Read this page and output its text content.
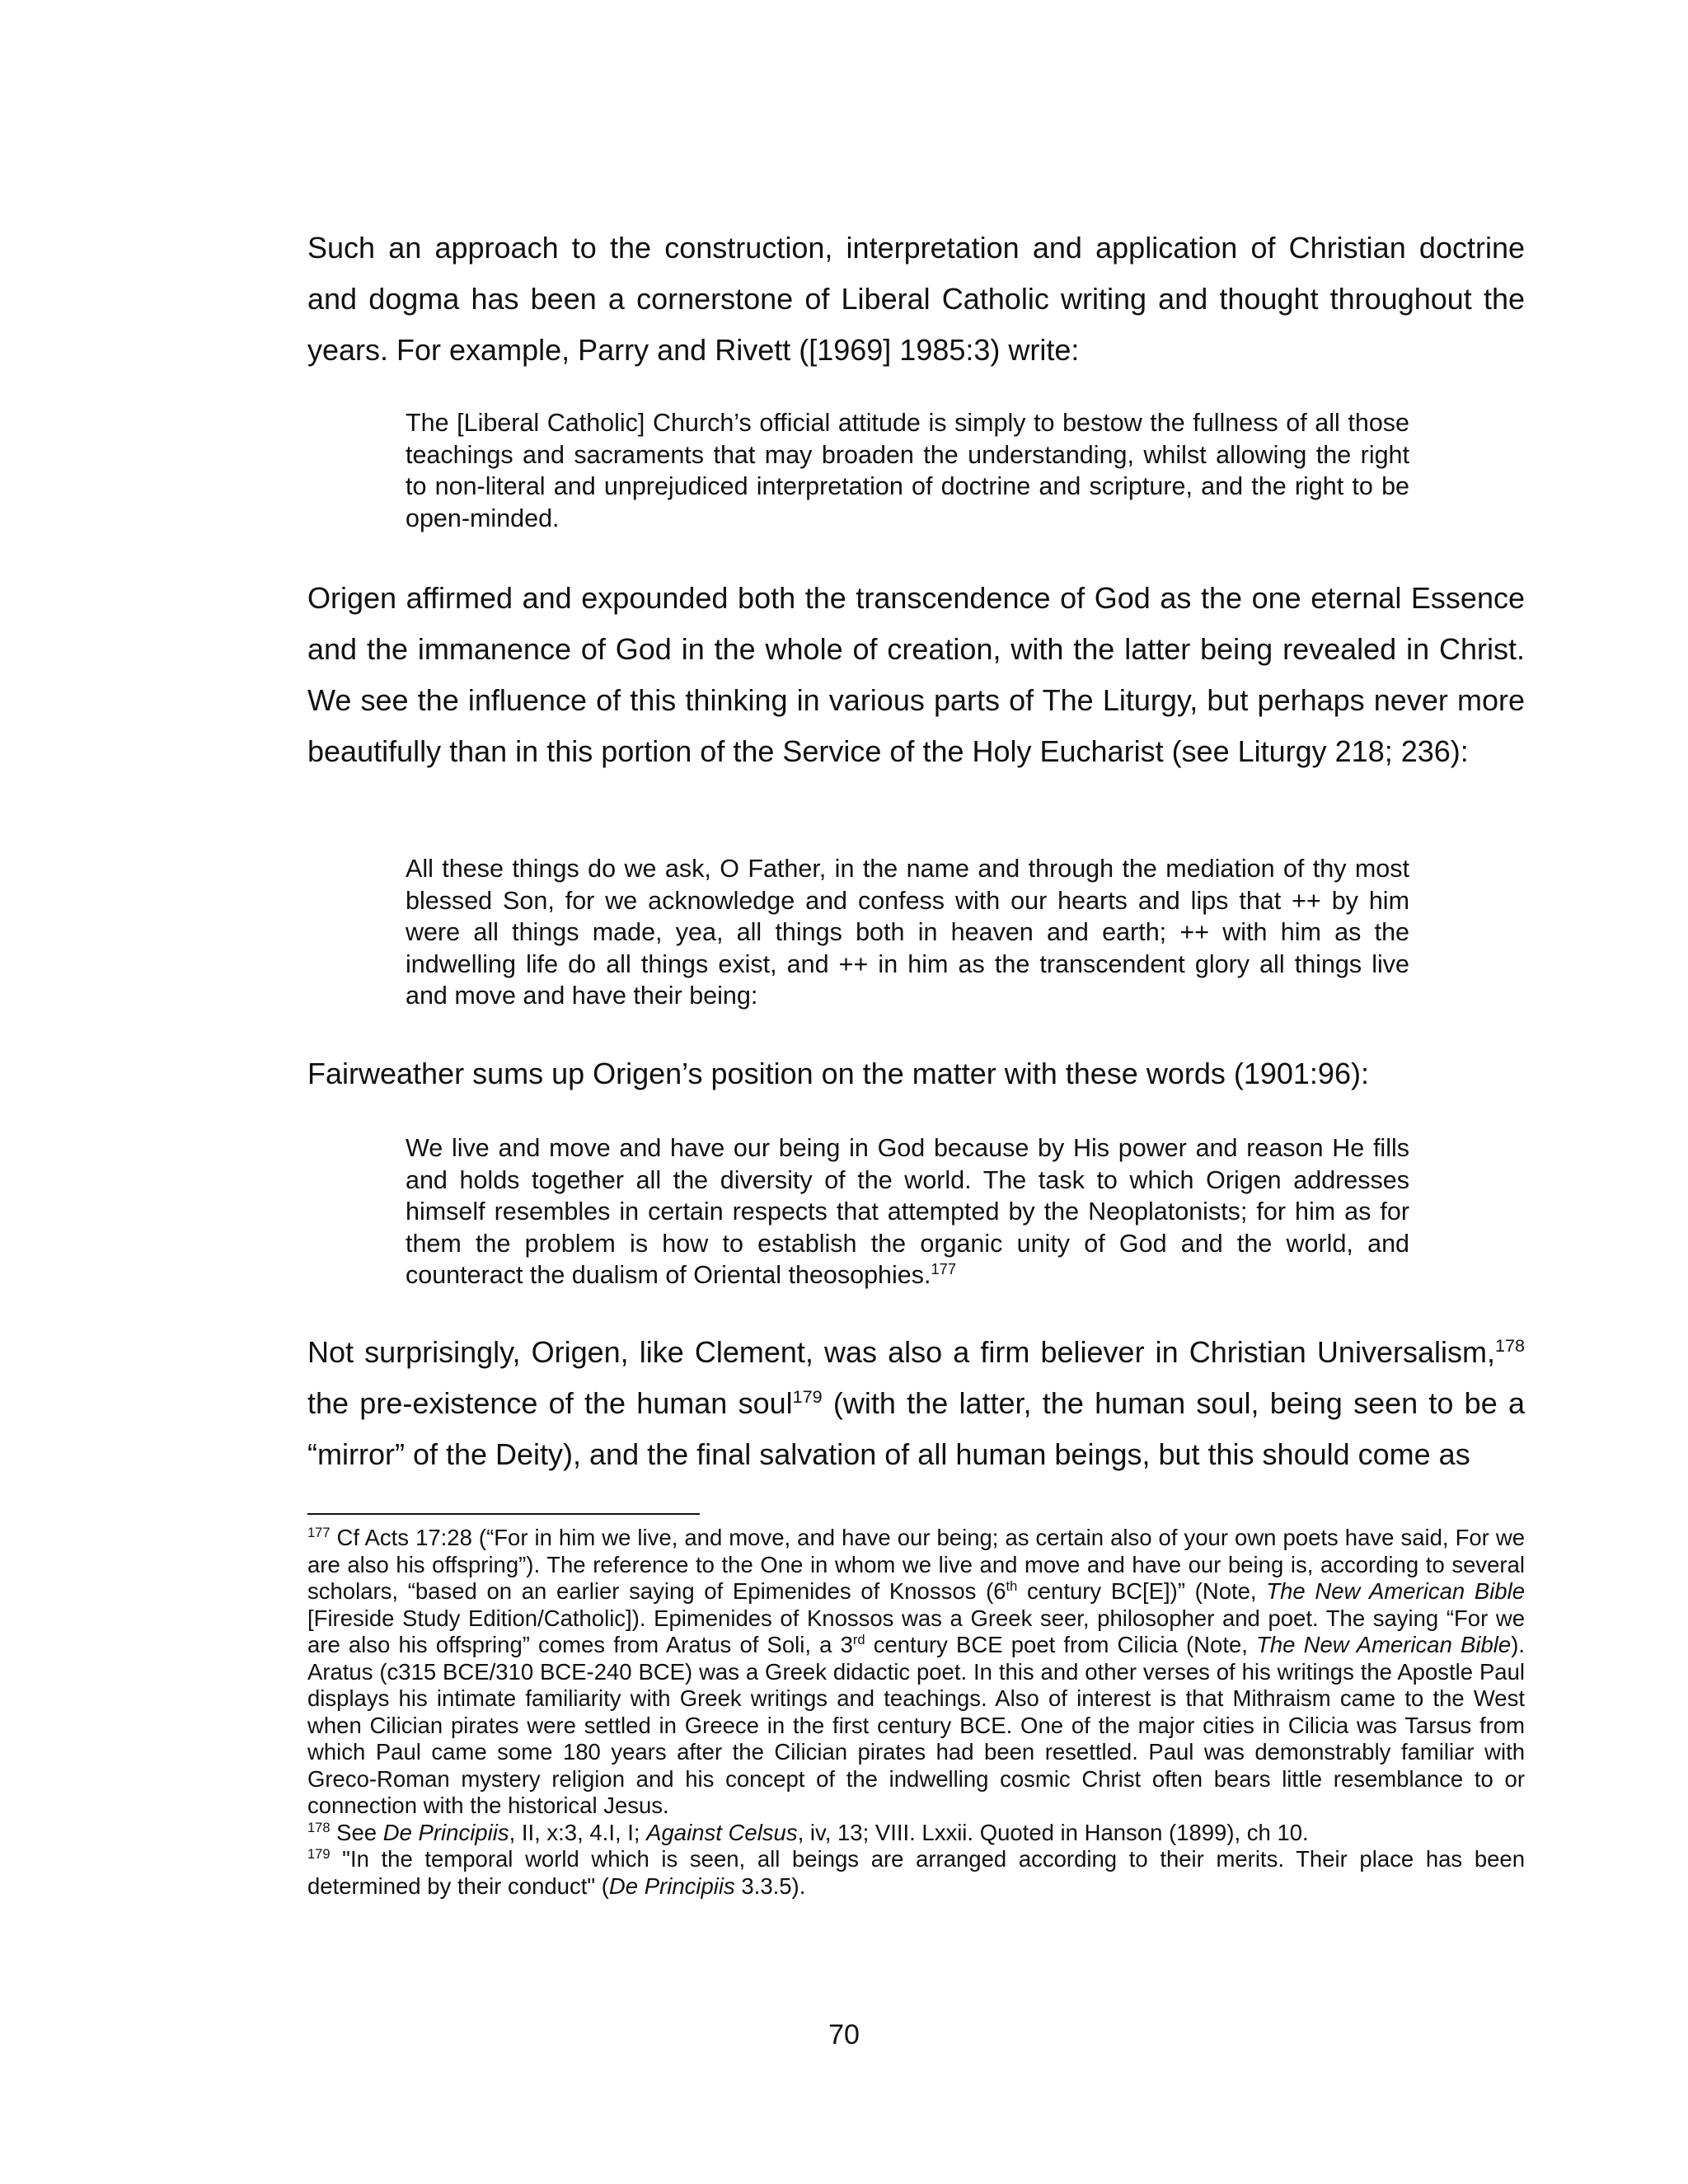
Such an approach to the construction, interpretation and application of Christian doctrine and dogma has been a cornerstone of Liberal Catholic writing and thought throughout the years. For example, Parry and Rivett ([1969] 1985:3) write:

The [Liberal Catholic] Church’s official attitude is simply to bestow the fullness of all those teachings and sacraments that may broaden the understanding, whilst allowing the right to non-literal and unprejudiced interpretation of doctrine and scripture, and the right to be open-minded.

Origen affirmed and expounded both the transcendence of God as the one eternal Essence and the immanence of God in the whole of creation, with the latter being revealed in Christ. We see the influence of this thinking in various parts of The Liturgy, but perhaps never more beautifully than in this portion of the Service of the Holy Eucharist (see Liturgy 218; 236):

All these things do we ask, O Father, in the name and through the mediation of thy most blessed Son, for we acknowledge and confess with our hearts and lips that ++ by him were all things made, yea, all things both in heaven and earth; ++ with him as the indwelling life do all things exist, and ++ in him as the transcendent glory all things live and move and have their being:

Fairweather sums up Origen’s position on the matter with these words (1901:96):

We live and move and have our being in God because by His power and reason He fills and holds together all the diversity of the world. The task to which Origen addresses himself resembles in certain respects that attempted by the Neoplatonists; for him as for them the problem is how to establish the organic unity of God and the world, and counteract the dualism of Oriental theosophies.$^{177}$

Not surprisingly, Origen, like Clement, was also a firm believer in Christian Universalism,$^{178}$ the pre-existence of the human soul$^{179}$ (with the latter, the human soul, being seen to be a “mirror” of the Deity), and the final salvation of all human beings, but this should come as

$^{177}$ Cf Acts 17:28 (“For in him we live, and move, and have our being; as certain also of your own poets have said, For we are also his offspring”). The reference to the One in whom we live and move and have our being is, according to several scholars, “based on an earlier saying of Epimenides of Knossos (6th century BC[E])” (Note, The New American Bible [Fireside Study Edition/Catholic]). Epimenides of Knossos was a Greek seer, philosopher and poet. The saying “For we are also his offspring” comes from Aratus of Soli, a 3rd century BCE poet from Cilicia (Note, The New American Bible). Aratus (c315 BCE/310 BCE-240 BCE) was a Greek didactic poet. In this and other verses of his writings the Apostle Paul displays his intimate familiarity with Greek writings and teachings. Also of interest is that Mithraism came to the West when Cilician pirates were settled in Greece in the first century BCE. One of the major cities in Cilicia was Tarsus from which Paul came some 180 years after the Cilician pirates had been resettled. Paul was demonstrably familiar with Greco-Roman mystery religion and his concept of the indwelling cosmic Christ often bears little resemblance to or connection with the historical Jesus.

$^{178}$ See De Principiis, II, x:3, 4.I, I; Against Celsus, iv, 13; VIII. Lxxii. Quoted in Hanson (1899), ch 10.

$^{179}$ "In the temporal world which is seen, all beings are arranged according to their merits. Their place has been determined by their conduct" (De Principiis 3.3.5).

70
